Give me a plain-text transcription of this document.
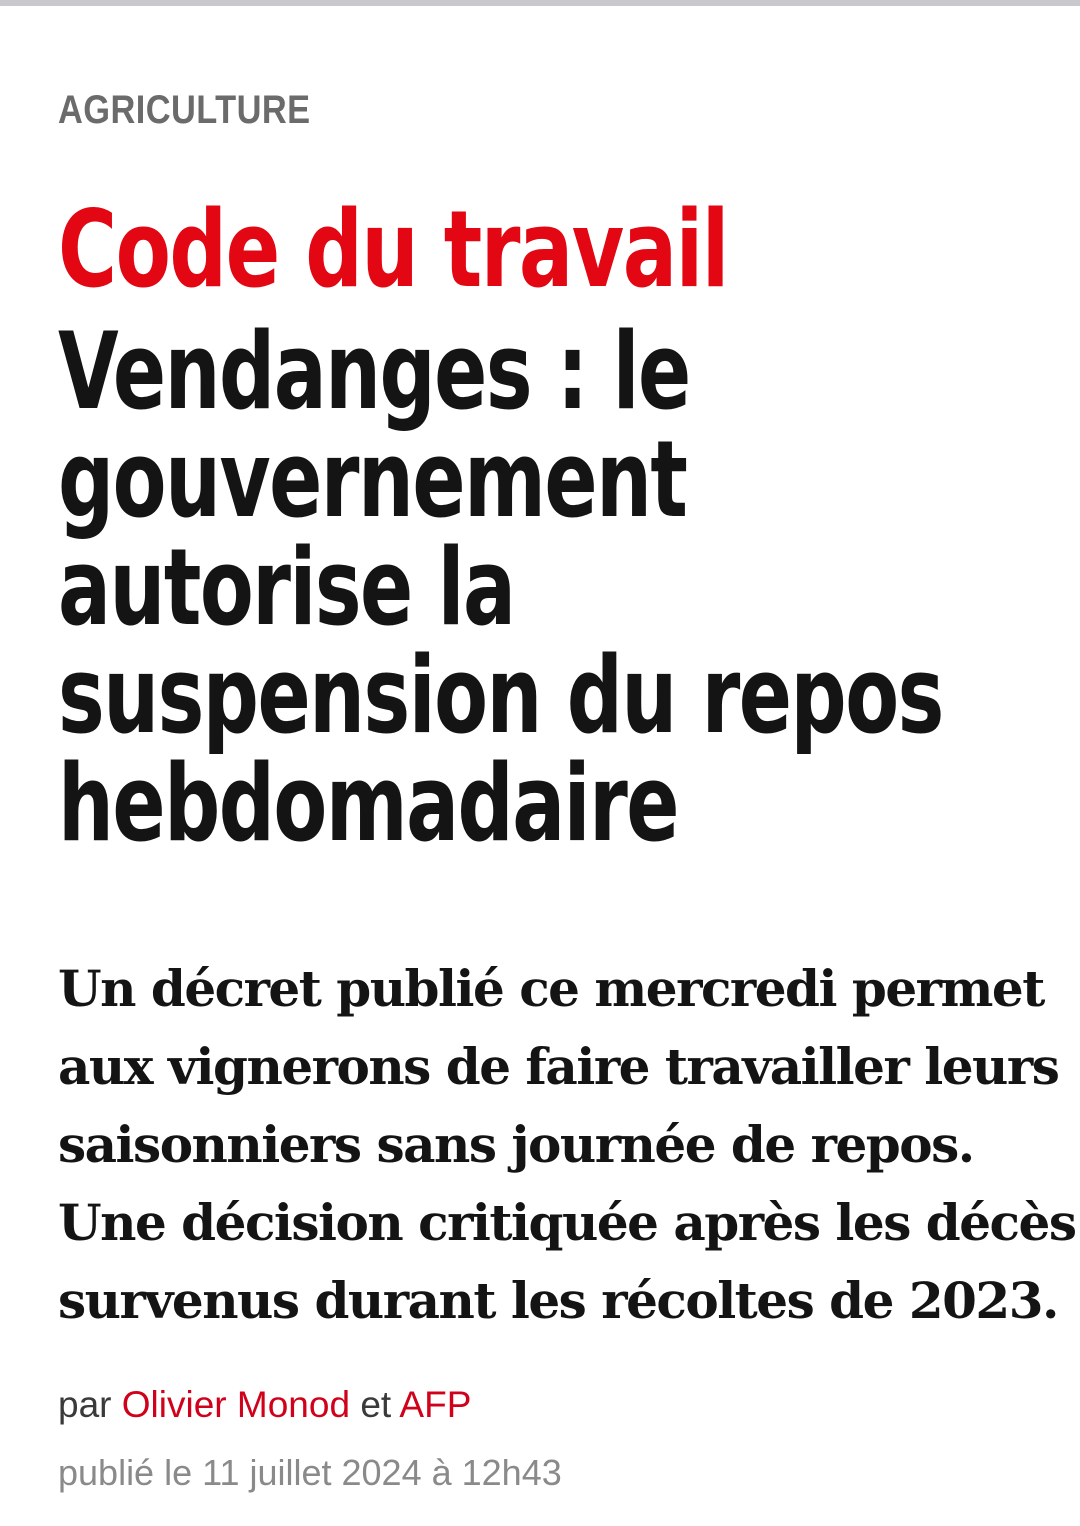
AGRICULTURE
Code du travail
Vendanges : le
gouvernement
autorise la
suspension du repos
hebdomadaire

Un décret publié ce mercredi permet
aux vignerons de faire travailler leurs
saisonniers sans journée de repos.
Une décision critiquée après les décès
survenus durant les récoltes de 2023.

par Olivier Monod et AFP
publié le 11 juillet 2024 à 12h43
